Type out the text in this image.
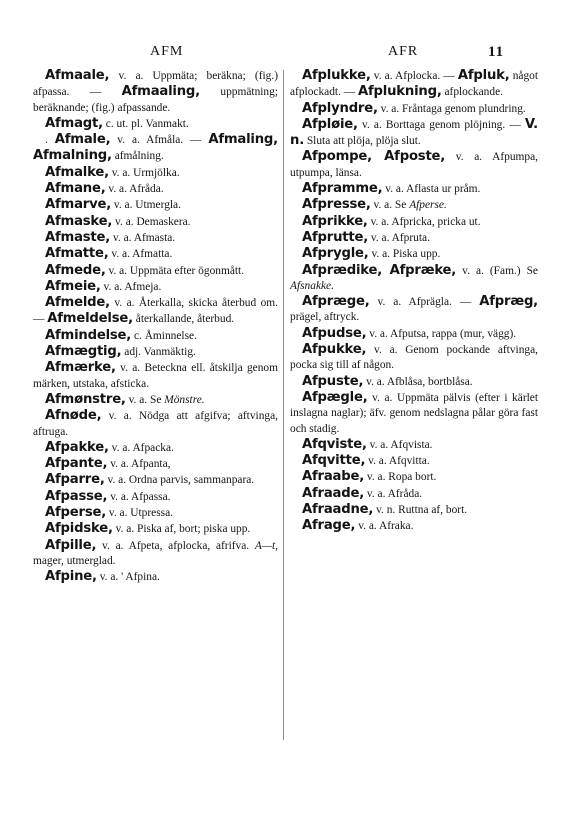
AFM	AFR	11

Afmaale, v. a. Uppmäta; beräkna; (fig.) afpassa. — Afmaaling, uppmätning; beräknande; (fig.) afpassande.

Afmagt, c. ut. pl. Vanmakt.

. Afmale, v. a. Afmåla. — Afmaling, Afmalning, afmålning.

Afmalke, v. a. Urmjölka.

Afmane, v. a. Afråda.

Afmarve, v. a. Utmergla.

Afmaske, v. a. Demaskera.

Afmaste, v. a. Afmasta.

Afmatte, v. a. Afmatta.

Afmede, v. a. Uppmäta efter ögonmått.

Afmeie, v. a. Afmeja.

Afmelde, v. a. Återkalla, skicka återbud om. — Afmeldelse, återkallande, återbud.

Afmindelse, c. Åminnelse.

Afmægtig, adj. Vanmäktig.

Afmærke, v. a. Beteckna ell. åtskilja genom märken, utstaka, afsticka.

Afmønstre, v. a. Se Mönstre.

Afnøde, v. a. Nödga att afgifva; aftvinga, aftruga.

Afpakke, v. a. Afpacka.

Afpante, v. a. Afpanta,

Afparre, v. a. Ordna parvis, sammanpara.

Afpasse, v. a. Afpassa.

Afperse, v. a. Utpressa.

Afpidske, v. a. Piska af, bort; piska upp.

Afpille, v. a. Afpeta, afplocka, afrifva. A—t, mager, utmerglad.

Afpine, v. a. ' Afpina.

Afplukke, v. a. Afplocka. — Afpluk, något afplockadt. — Afplukning, afplockande.

Afplyndre, v. a. Fråntaga genom plundring.

Afpløie, v. a. Borttaga genom plöjning. — V. n. Sluta att plöja, plöja slut.

Afpompe, Afposte, v. a. Afpumpa, utpumpa, länsa.

Afpramme, v. a. Aflasta ur pråm.

Afpresse, v. a. Se Afperse.

Afprikke, v. a. Afpricka, pricka ut.

Afprutte, v. a. Afpruta.

Afprygle, v. a. Piska upp.

Afprædike, Afpræke, v. a. (Fam.) Se Afsnakke.

Afpræge, v. a. Afprägla. — Afpræg, prägel, aftryck.

Afpudse, v. a. Afputsa, rappa (mur, vägg).

Afpukke, v. a. Genom pockande aftvinga, pocka sig till af någon.

Afpuste, v. a. Afblåsa, bortblåsa.

Afpægle, v. a. Uppmäta pälvis (efter i kärlet inslagna naglar); äfv. genom nedslagna pålar göra fast och stadig.

Afqviste, v. a. Afqvista.

Afqvitte, v. a. Afqvitta.

Afraabe, v. a. Ropa bort.

Afraade, v. a. Afråda.

Afraadne, v. n. Ruttna af, bort.

Afrage, v. a. Afraka.
